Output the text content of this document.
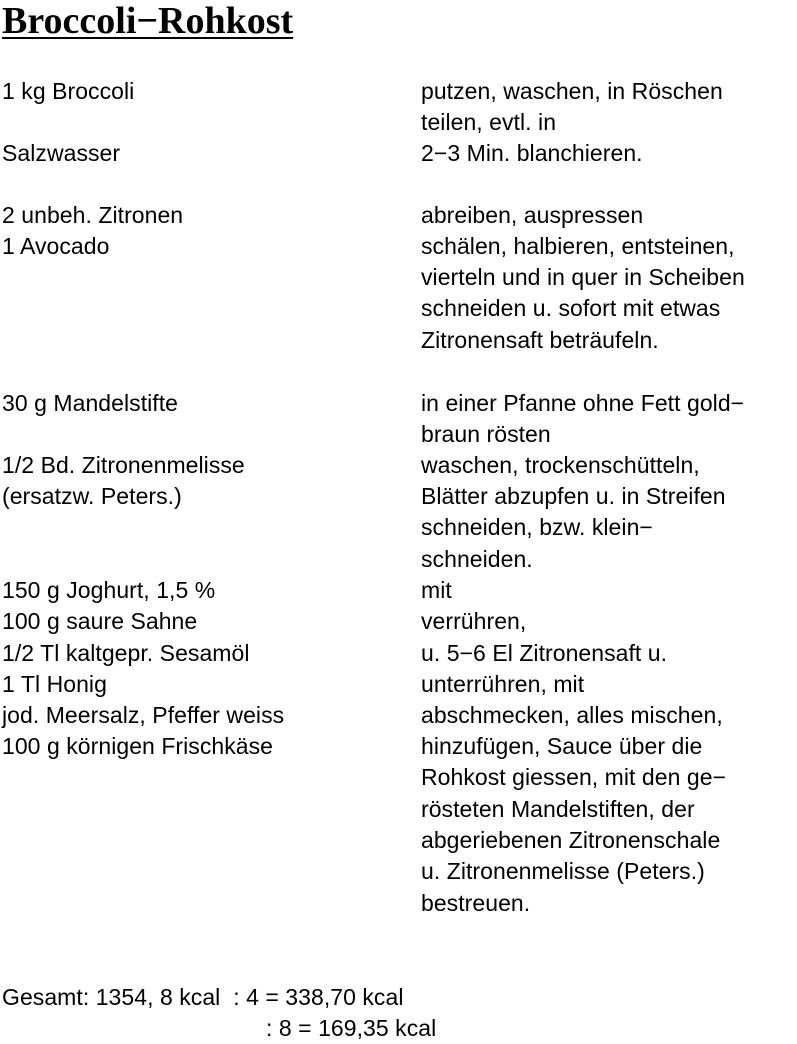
Broccoli−Rohkost
1 kg Broccoli
Salzwasser
2 unbeh. Zitronen
1 Avocado
30 g Mandelstifte
1/2 Bd. Zitronenmelisse
(ersatzw. Peters.)
150 g Joghurt, 1,5 %
100 g saure Sahne
1/2 Tl kaltgepr. Sesamöl
1 Tl Honig
jod. Meersalz, Pfeffer weiss
100 g körnigen Frischkäse
putzen, waschen, in Röschen
teilen, evtl. in
2−3 Min. blanchieren.
abreiben, auspressen
schälen, halbieren, entsteinen,
vierteln und in quer in Scheiben
schneiden u. sofort mit etwas
Zitronensaft beträufeln.
in einer Pfanne ohne Fett gold−
braun rösten
waschen, trockenschütteln,
Blätter abzupfen u. in Streifen
schneiden, bzw. klein−
schneiden.
mit
verrühren,
u. 5−6 El Zitronensaft u.
unterrühren, mit
abschmecken, alles mischen,
hinzufügen, Sauce über die
Rohkost giessen, mit den ge−
rösteten Mandelstiften, der
abgeriebenen Zitronenschale
u. Zitronenmelisse (Peters.)
bestreuen.
Gesamt: 1354, 8 kcal  : 4 = 338,70 kcal
: 8 = 169,35 kcal
